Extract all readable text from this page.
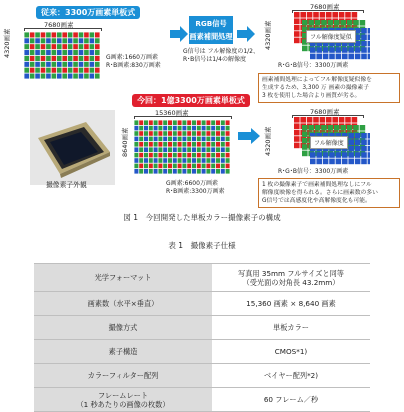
従来：3300万画素単板式
7680画素
4320画素	G画素:1660万画素
R･B画素:830万画素
RGB信号
画素補間処理
G信号は フル解像度の1/2、
R･B信号は1/4の解像度
7680画素
4320画素	フル解像度疑似
R･G･B信号：3300万画素
画素補間処理によってフル解像度疑似像を
生成するため、3,300 万 画素の撮像素子
3 枚を使用した場合より画質が劣る。
撮像素子外観
今回：1億3300万画素単板式
15360画素
8640画素
G画素:6600万画素
R･B画素:3300万画素
7680画素
4320画素	フル解像度
R･G･B信号：3300万画素
1 枚の撮像素子で画素補間処理なしにフル
解像度映像を得られる。さらに画素数の多い
G信号では高感度化や高解像度化も可能。
図 1　今回開発した単板カラー撮像素子の構成
表 1　撮像素子仕様
光学フォーマット	写真用 35mm フルサイズと同等
（受光面の対角長 43.2mm）

画素数（水平×垂直）	15,360 画素 × 8,640 画素
撮像方式	単板カラー
素子構造	CMOS*1)
カラーフィルター配列	ベイヤー配列*2)

フレームレート
（1 秒あたりの画像の枚数）	60 フレーム／秒
